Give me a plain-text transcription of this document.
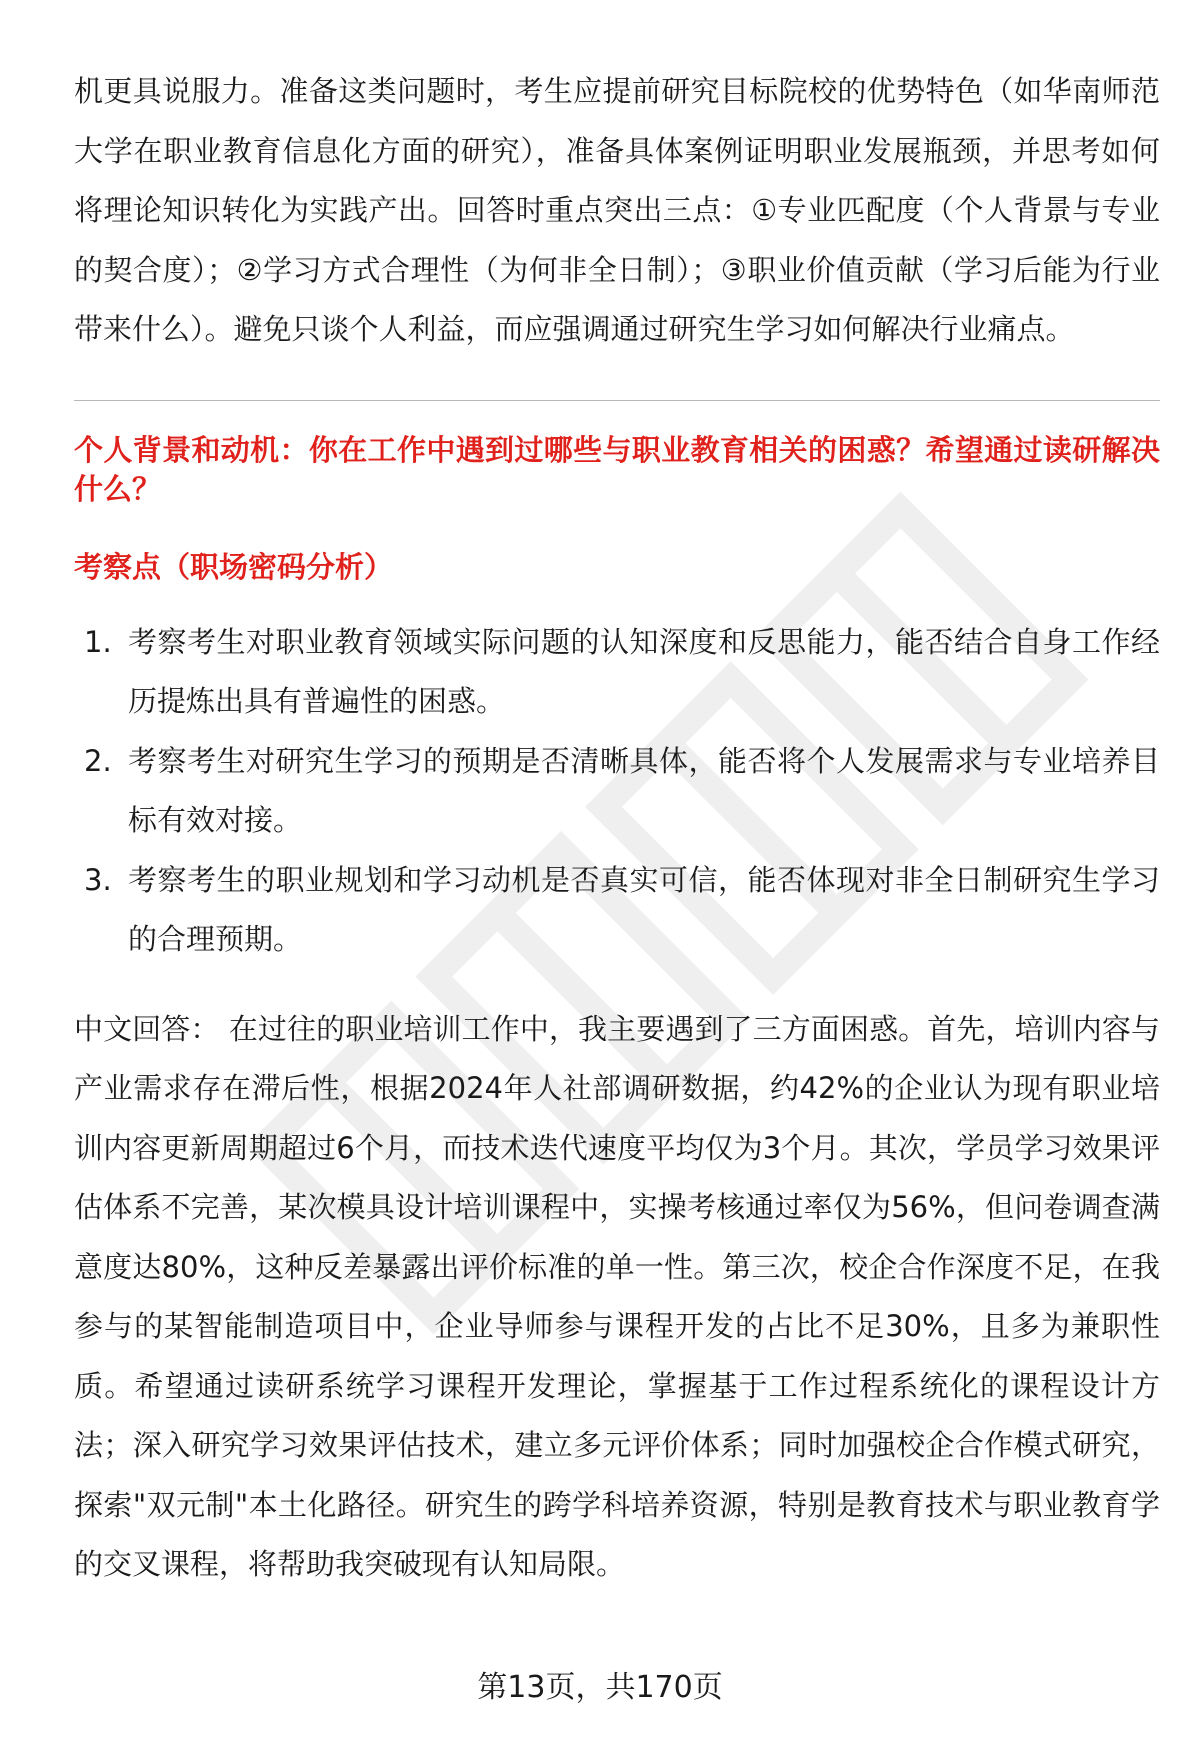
机更具说服力。准备这类问题时，考生应提前研究目标院校的优势特色（如华南师范大学在职业教育信息化方面的研究），准备具体案例证明职业发展瓶颈，并思考如何将理论知识转化为实践产出。回答时重点突出三点：①专业匹配度（个人背景与专业的契合度）；②学习方式合理性（为何非全日制）；③职业价值贡献（学习后能为行业带来什么）。避免只谈个人利益，而应强调通过研究生学习如何解决行业痛点。

个人背景和动机：你在工作中遇到过哪些与职业教育相关的困惑？希望通过读研解决什么？
考察点（职场密码分析）
1. 考察考生对职业教育领域实际问题的认知深度和反思能力，能否结合自身工作经历提炼出具有普遍性的困惑。
2. 考察考生对研究生学习的预期是否清晰具体，能否将个人发展需求与专业培养目标有效对接。
3. 考察考生的职业规划和学习动机是否真实可信，能否体现对非全日制研究生学习的合理预期。

中文回答： 在过往的职业培训工作中，我主要遇到了三方面困惑。首先，培训内容与产业需求存在滞后性，根据2024年人社部调研数据，约42%的企业认为现有职业培训内容更新周期超过6个月，而技术迭代速度平均仅为3个月。其次，学员学习效果评估体系不完善，某次模具设计培训课程中，实操考核通过率仅为56%，但问卷调查满意度达80%，这种反差暴露出评价标准的单一性。第三次，校企合作深度不足，在我参与的某智能制造项目中，企业导师参与课程开发的占比不足30%，且多为兼职性质。希望通过读研系统学习课程开发理论，掌握基于工作过程系统化的课程设计方法；深入研究学习效果评估技术，建立多元评价体系；同时加强校企合作模式研究，探索"双元制"本土化路径。研究生的跨学科培养资源，特别是教育技术与职业教育学的交叉课程，将帮助我突破现有认知局限。

第13页，共170页
